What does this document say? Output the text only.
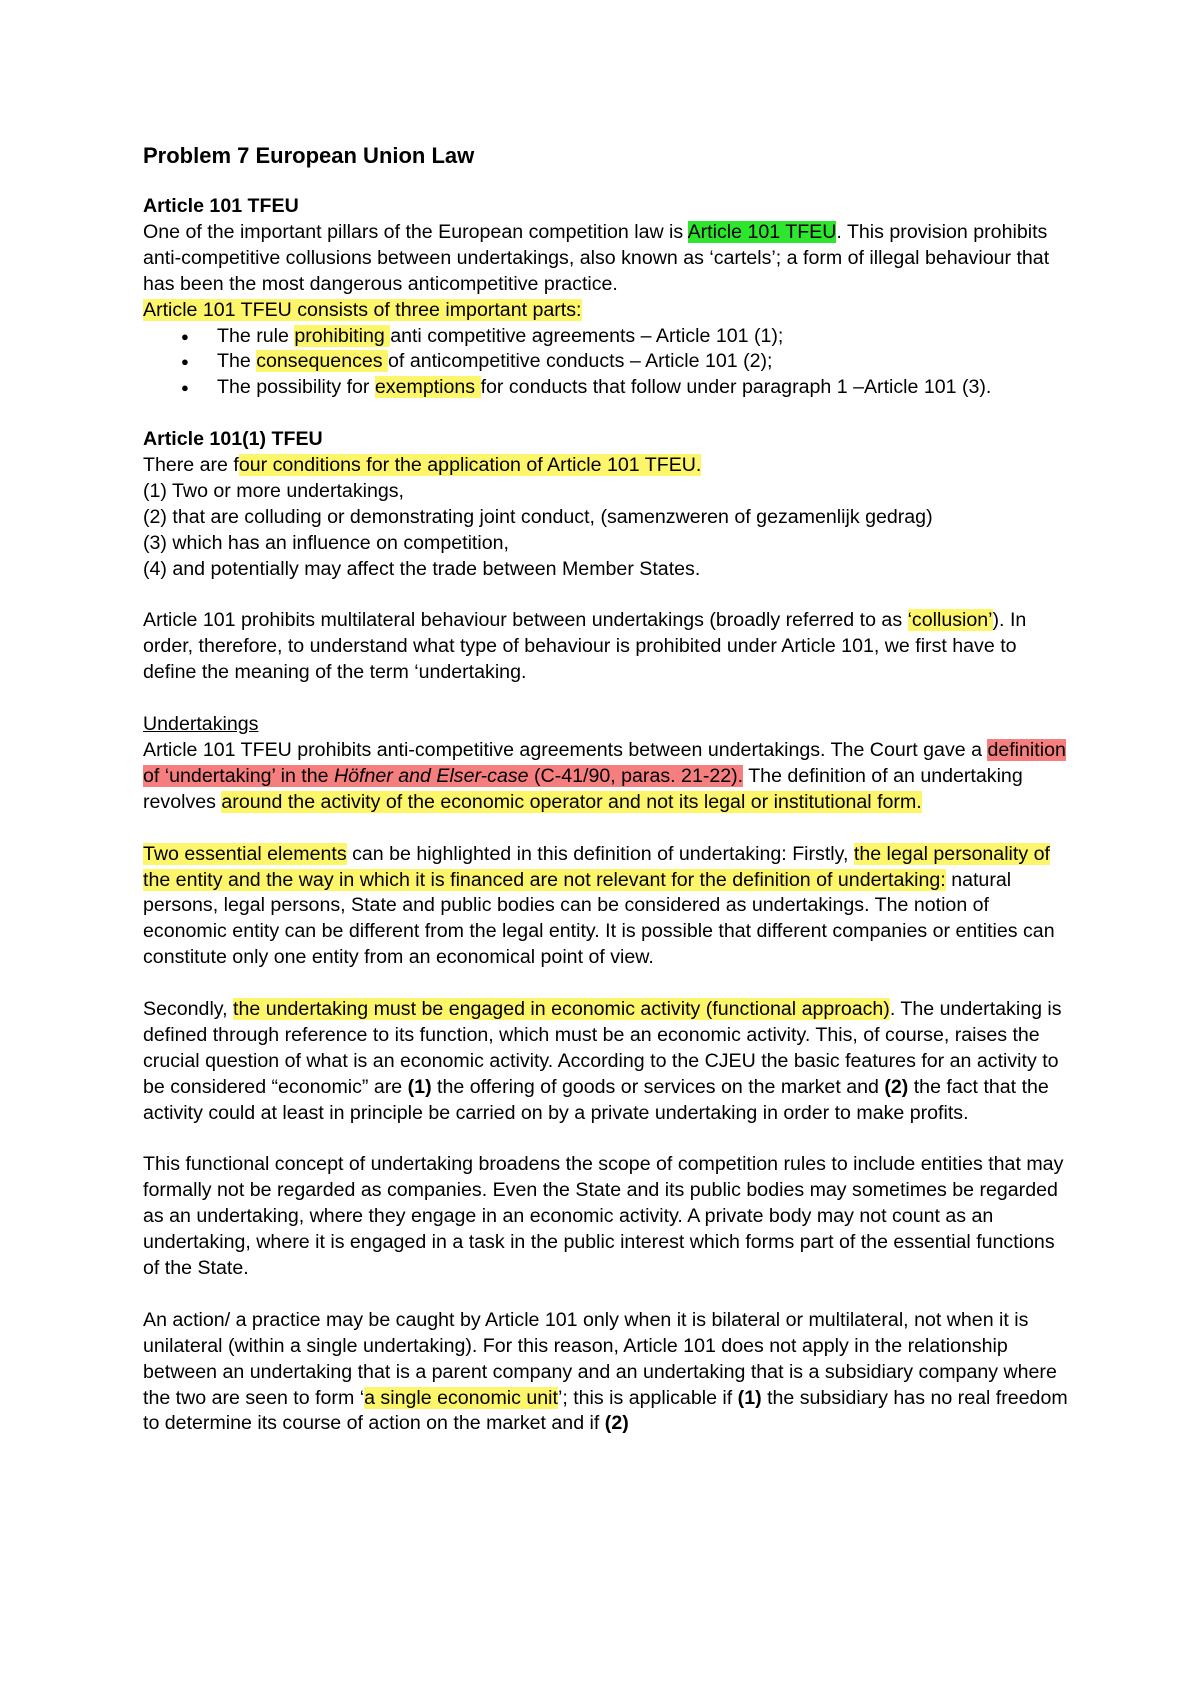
Problem 7 European Union Law
Article 101 TFEU

One of the important pillars of the European competition law is Article 101 TFEU. This provision prohibits anti-competitive collusions between undertakings, also known as ‘cartels’; a form of illegal behaviour that has been the most dangerous anticompetitive practice.

Article 101 TFEU consists of three important parts:

● The rule prohibiting anti competitive agreements – Article 101 (1);
● The consequences of anticompetitive conducts – Article 101 (2);
● The possibility for exemptions for conducts that follow under paragraph 1 –Article 101 (3).
Article 101(1) TFEU

There are four conditions for the application of Article 101 TFEU.

(1) Two or more undertakings,

(2) that are colluding or demonstrating joint conduct, (samenzweren of gezamenlijk gedrag)

(3) which has an influence on competition,

(4) and potentially may affect the trade between Member States.

Article 101 prohibits multilateral behaviour between undertakings (broadly referred to as ‘collusion’). In order, therefore, to understand what type of behaviour is prohibited under Article 101, we first have to define the meaning of the term ‘undertaking.

Undertakings

Article 101 TFEU prohibits anti-competitive agreements between undertakings. The Court gave a definition of ‘undertaking’ in the Höfner and Elser-case (C-41/90, paras. 21-22). The definition of an undertaking revolves around the activity of the economic operator and not its legal or institutional form.

Two essential elements can be highlighted in this definition of undertaking: Firstly, the legal personality of the entity and the way in which it is financed are not relevant for the definition of undertaking: natural persons, legal persons, State and public bodies can be considered as undertakings. The notion of economic entity can be different from the legal entity. It is possible that different companies or entities can constitute only one entity from an economical point of view.

Secondly, the undertaking must be engaged in economic activity (functional approach). The undertaking is defined through reference to its function, which must be an economic activity. This, of course, raises the crucial question of what is an economic activity. According to the CJEU the basic features for an activity to be considered “economic” are (1) the offering of goods or services on the market and (2) the fact that the activity could at least in principle be carried on by a private undertaking in order to make profits.

This functional concept of undertaking broadens the scope of competition rules to include entities that may formally not be regarded as companies. Even the State and its public bodies may sometimes be regarded as an undertaking, where they engage in an economic activity. A private body may not count as an undertaking, where it is engaged in a task in the public interest which forms part of the essential functions of the State.

An action/ a practice may be caught by Article 101 only when it is bilateral or multilateral, not when it is unilateral (within a single undertaking). For this reason, Article 101 does not apply in the relationship between an undertaking that is a parent company and an undertaking that is a subsidiary company where the two are seen to form ‘a single economic unit’; this is applicable if (1) the subsidiary has no real freedom to determine its course of action on the market and if (2)
